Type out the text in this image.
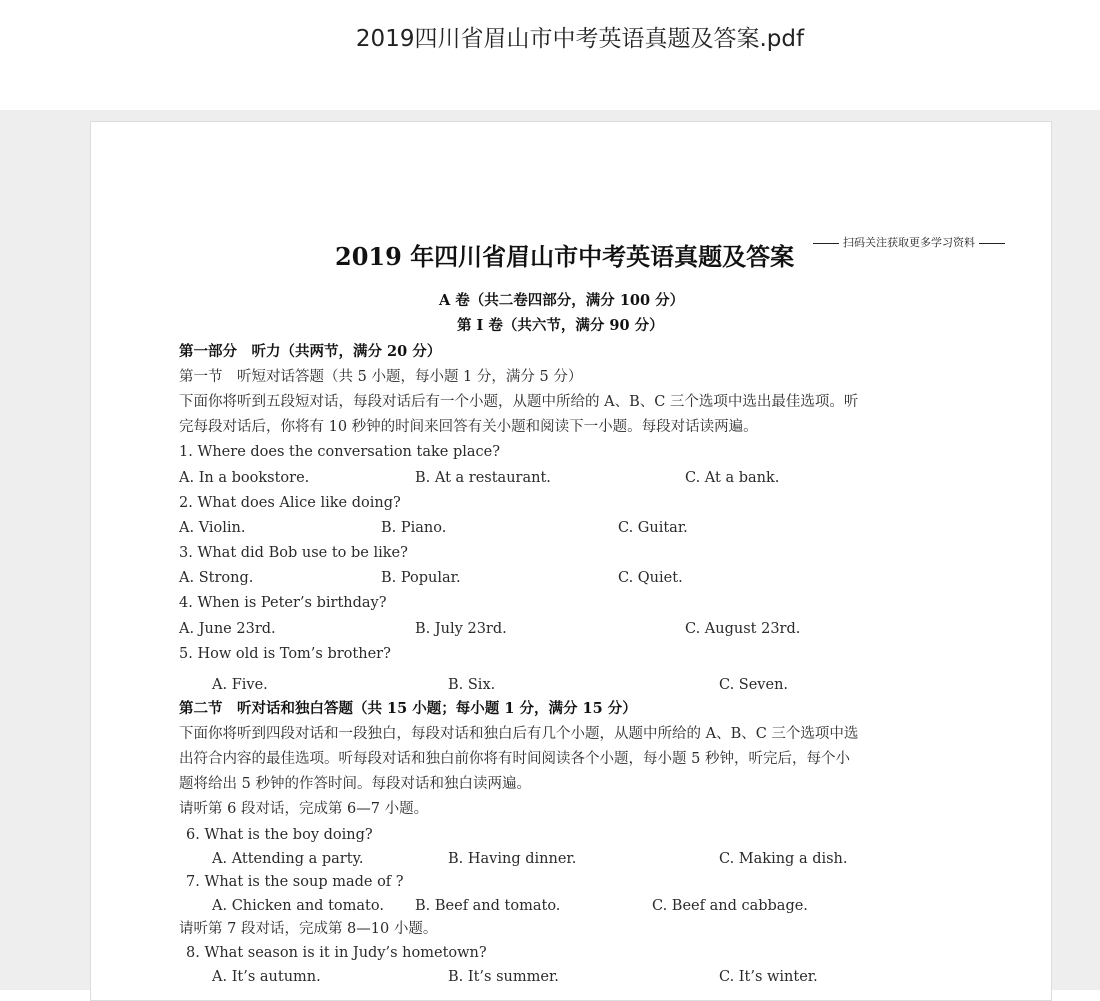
2019四川省眉山市中考英语真题及答案.pdf
扫码关注获取更多学习资料
2019 年四川省眉山市中考英语真题及答案
A 卷（共二卷四部分，满分 100 分）
第 I 卷（共六节，满分 90 分）
第一部分　听力（共两节，满分 20 分）
第一节　听短对话答题（共 5 小题，每小题 1 分，满分 5 分）
下面你将听到五段短对话，每段对话后有一个小题，从题中所给的 A、B、C 三个选项中选出最佳选项。听
完每段对话后，你将有 10 秒钟的时间来回答有关小题和阅读下一小题。每段对话读两遍。
1. Where does the conversation take place?
A. In a bookstore.	B. At a restaurant.	C. At a bank.
2. What does Alice like doing?
A. Violin.	B. Piano.	C. Guitar.
3. What did Bob use to be like?
A. Strong.	B. Popular.	C. Quiet.
4. When is Peter’s birthday?
A. June 23rd.	B. July 23rd.	C. August 23rd.
5. How old is Tom’s brother?
A. Five.	B. Six.	C. Seven.
第二节　听对话和独白答题（共 15 小题；每小题 1 分，满分 15 分）
下面你将听到四段对话和一段独白，每段对话和独白后有几个小题，从题中所给的 A、B、C 三个选项中选
出符合内容的最佳选项。听每段对话和独白前你将有时间阅读各个小题，每小题 5 秒钟，听完后，每个小
题将给出 5 秒钟的作答时间。每段对话和独白读两遍。
请听第 6 段对话，完成第 6—7 小题。
6. What is the boy doing?
A. Attending a party.	B. Having dinner.	C. Making a dish.
7. What is the soup made of ?
A. Chicken and tomato. B. Beef and tomato.	C. Beef and cabbage.
请听第 7 段对话，完成第 8—10 小题。
8. What season is it in Judy’s hometown?
A. It’s autumn.	B. It’s summer.	C. It’s winter.
